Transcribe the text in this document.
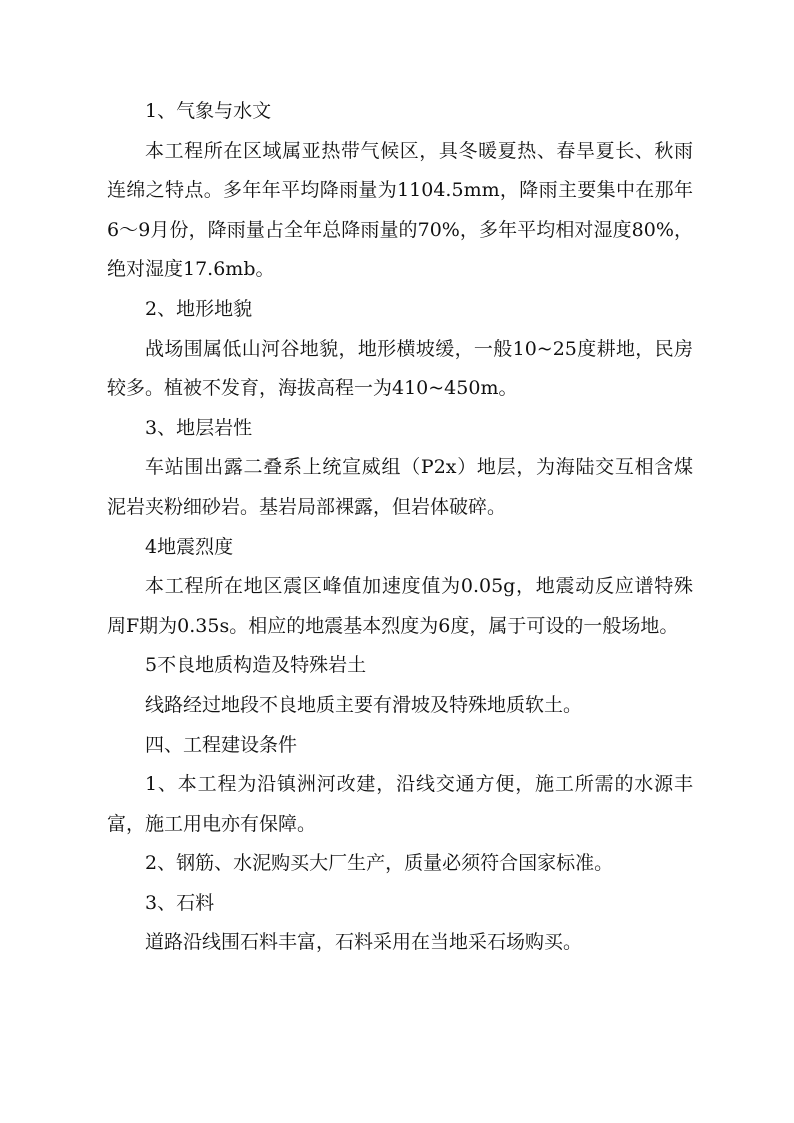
1、气象与水文

本工程所在区域属亚热带气候区，具冬暖夏热、春旱夏长、秋雨连绵之特点。多年年平均降雨量为1104.5mm，降雨主要集中在那年 6～9月份，降雨量占全年总降雨量的70%，多年平均相对湿度80%，绝对湿度17.6mb。

2、地形地貌

战场围属低山河谷地貌，地形横坡缓，一般10~25度耕地，民房较多。植被不发育，海拔高程一为410~450m。

3、地层岩性

车站围出露二叠系上统宣威组（P2x）地层，为海陆交互相含煤泥岩夹粉细砂岩。基岩局部裸露，但岩体破碎。

4地震烈度

本工程所在地区震区峰值加速度值为0.05g，地震动反应谱特殊周F期为0.35s。相应的地震基本烈度为6度，属于可设的一般场地。

5不良地质构造及特殊岩土

线路经过地段不良地质主要有滑坡及特殊地质软土。

四、工程建设条件

1、本工程为沿镇洲河改建，沿线交通方便，施工所需的水源丰富，施工用电亦有保障。

2、钢筋、水泥购买大厂生产，质量必须符合国家标准。

3、石料

道路沿线围石料丰富，石料采用在当地采石场购买。
